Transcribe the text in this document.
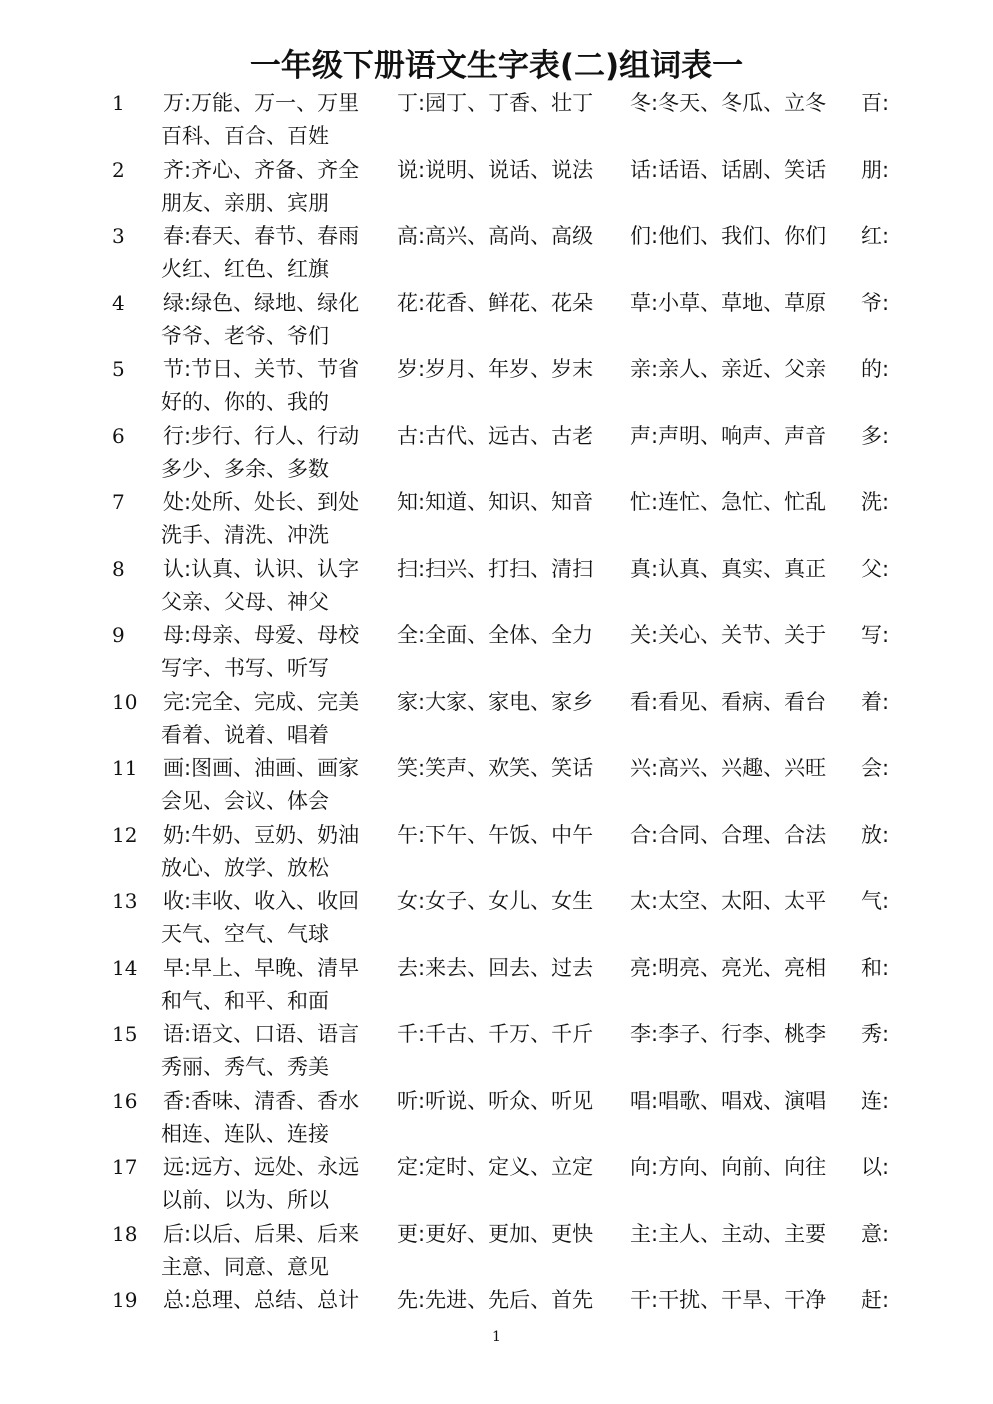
一年级下册语文生字表(二)组词表一
1	万:万能、万一、万里 丁:园丁、丁香、壮丁 冬:冬天、冬瓜、立冬 百:
百科、百合、百姓
2	齐:齐心、齐备、齐全 说:说明、说话、说法 话:话语、话剧、笑话 朋:
朋友、亲朋、宾朋
3	春:春天、春节、春雨 高:高兴、高尚、高级 们:他们、我们、你们 红:
火红、红色、红旗
4	绿:绿色、绿地、绿化 花:花香、鲜花、花朵 草:小草、草地、草原 爷:
爷爷、老爷、爷们
5	节:节日、关节、节省 岁:岁月、年岁、岁末 亲:亲人、亲近、父亲 的:
好的、你的、我的
6	行:步行、行人、行动 古:古代、远古、古老 声:声明、响声、声音 多:
多少、多余、多数
7	处:处所、处长、到处 知:知道、知识、知音 忙:连忙、急忙、忙乱 洗:
洗手、清洗、冲洗
8	认:认真、认识、认字 扫:扫兴、打扫、清扫 真:认真、真实、真正 父:
父亲、父母、神父
9	母:母亲、母爱、母校 全:全面、全体、全力 关:关心、关节、关于 写:
写字、书写、听写
10	完:完全、完成、完美 家:大家、家电、家乡 看:看见、看病、看台 着:
看着、说着、唱着
11	画:图画、油画、画家 笑:笑声、欢笑、笑话 兴:高兴、兴趣、兴旺 会:
会见、会议、体会
12	奶:牛奶、豆奶、奶油 午:下午、午饭、中午 合:合同、合理、合法 放:
放心、放学、放松
13	收:丰收、收入、收回 女:女子、女儿、女生 太:太空、太阳、太平 气:
天气、空气、气球
14	早:早上、早晚、清早 去:来去、回去、过去 亮:明亮、亮光、亮相 和:
和气、和平、和面
15	语:语文、口语、语言 千:千古、千万、千斤 李:李子、行李、桃李 秀:
秀丽、秀气、秀美
16	香:香味、清香、香水 听:听说、听众、听见 唱:唱歌、唱戏、演唱 连:
相连、连队、连接
17	远:远方、远处、永远 定:定时、定义、立定 向:方向、向前、向往 以:
以前、以为、所以
18	后:以后、后果、后来 更:更好、更加、更快 主:主人、主动、主要 意:
主意、同意、意见
19	总:总理、总结、总计 先:先进、先后、首先 干:干扰、干旱、干净 赶:
1
